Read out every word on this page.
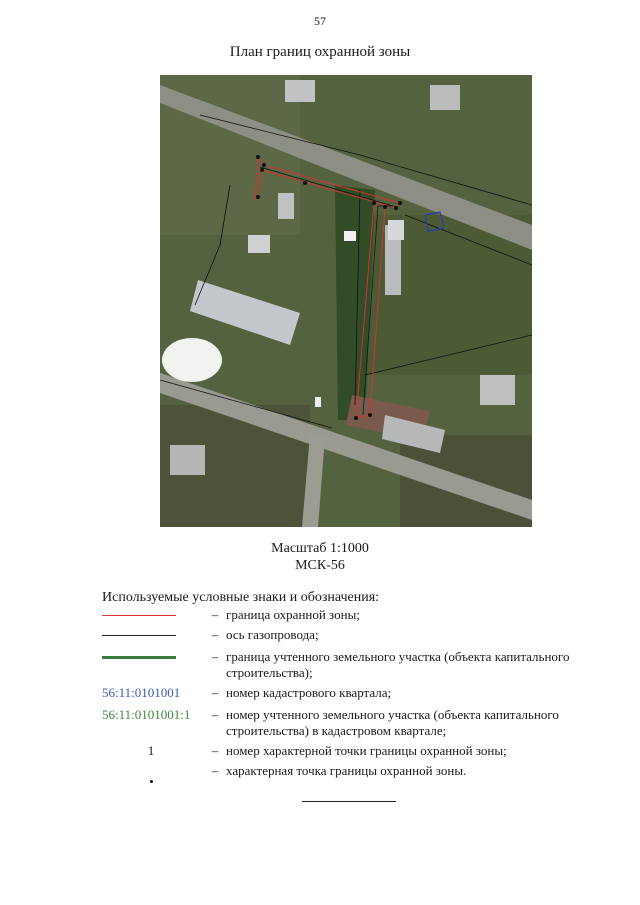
57
План границ охранной зоны
Масштаб 1:1000
МСК-56
Используемые условные знаки и обозначения:
– граница охранной зоны;
– ось газопровода;
– граница учтенного земельного участка (объекта капитального строительства);
56:11:0101001	– номер кадастрового квартала;
56:11:0101001:1	– номер учтенного земельного участка (объекта капитального строительства) в кадастровом квартале;
1	– номер характерной точки границы охранной зоны;
– характерная точка границы охранной зоны.
